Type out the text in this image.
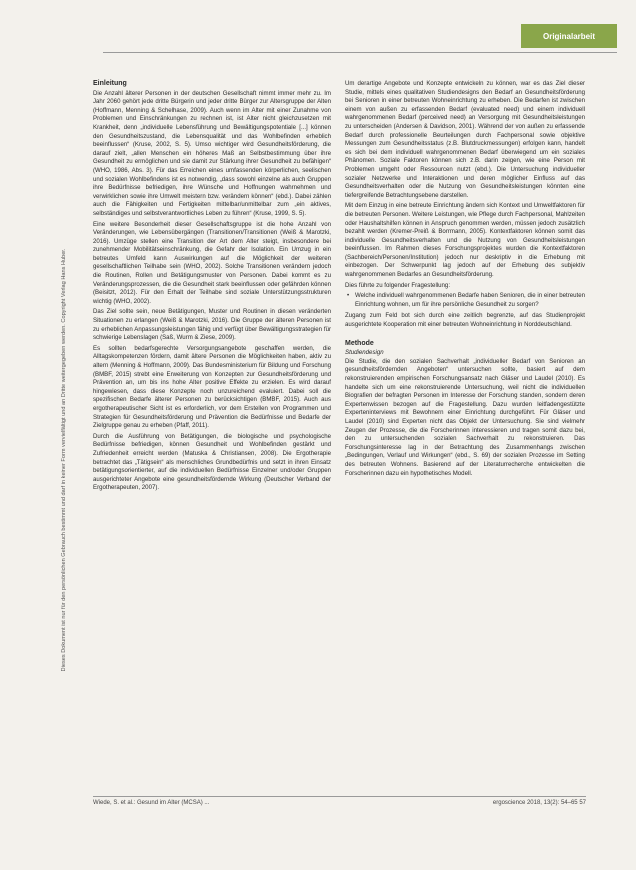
Originalarbeit
Dieses Dokument ist nur für den persönlichen Gebrauch bestimmt und darf in keiner Form vervielfältigt und an Dritte weitergegeben werden. Copyright Verlag Hans Huber.
Einleitung

Die Anzahl älterer Personen in der deutschen Gesellschaft nimmt immer mehr zu. Im Jahr 2060 gehört jede dritte Bürgerin und jeder dritte Bürger zur Altersgruppe der Alten (Hoffmann, Menning & Schelhase, 2009). Auch wenn im Alter mit einer Zunahme von Problemen und Einschränkungen zu rechnen ist, ist Alter nicht gleichzusetzen mit Krankheit, denn „individuelle Lebensführung und Bewältigungspotentiale [...] können den Gesundheitszustand, die Lebensqualität und das Wohlbefinden erheblich beeinflussen“ (Kruse, 2002, S. 5). Umso wichtiger wird Gesundheitsförderung, die darauf zielt, „allen Menschen ein höheres Maß an Selbstbestimmung über ihre Gesundheit zu ermöglichen und sie damit zur Stärkung ihrer Gesundheit zu befähigen“ (WHO, 1986, Abs. 3). Für das Erreichen eines umfassenden körperlichen, seelischen und sozialen Wohlbefindens ist es notwendig, „dass sowohl einzelne als auch Gruppen ihre Bedürfnisse befriedigen, ihre Wünsche und Hoffnungen wahrnehmen und verwirklichen sowie ihre Umwelt meistern bzw. verändern können“ (ebd.). Dabei zählen auch die Fähigkeiten und Fertigkeiten mittelbar/unmittelbar zum „ein aktives, selbständiges und selbstverantwortliches Leben zu führen“ (Kruse, 1999, S. 5).

Eine weitere Besonderheit dieser Gesellschaftsgruppe ist die hohe Anzahl von Veränderungen, wie Lebensübergängen (Transitionen/Transitionen (Weiß & Marotzki, 2016). Umzüge stellen eine Transition der Art dem Alter steigt, insbesondere bei zunehmender Mobilitätseinschränkung, die Gefahr der Isolation. Ein Umzug in ein betreutes Umfeld kann Auswirkungen auf die Möglichkeit der weiteren gesellschaftlichen Teilhabe sein (WHO, 2002). Solche Transitionen verändern jedoch die Routinen, Rollen und Betätigungsmuster von Personen. Dabei kommt es zu Veränderungsprozessen, die die Gesundheit stark beeinflussen oder gefährden können (Beisitzt, 2012). Für den Erhalt der Teilhabe sind soziale Unterstützungsstrukturen wichtig (WHO, 2002).

Das Ziel sollte sein, neue Betätigungen, Muster und Routinen in diesen veränderten Situationen zu erlangen (Weiß & Marotzki, 2016). Die Gruppe der älteren Personen ist zu erheblichen Anpassungsleistungen fähig und verfügt über Bewältigungsstrategien für schwierige Lebenslagen (Saß, Wurm & Ziese, 2009).

Es sollten bedarfsgerechte Versorgungsangebote geschaffen werden, die Alltagskompetenzen fördern, damit ältere Personen die Möglichkeiten haben, aktiv zu altern (Menning & Hoffmann, 2009). Das Bundesministerium für Bildung und Forschung (BMBF, 2015) strebt eine Erweiterung von Konzepten zur Gesundheitsförderung und Prävention an, um bis ins hohe Alter positive Effekte zu erzielen. Es wird darauf hingewiesen, dass diese Konzepte noch unzureichend evaluiert. Dabei soll die spezifischen Bedarfe älterer Personen zu berücksichtigen (BMBF, 2015). Auch aus ergotherapeutischer Sicht ist es erforderlich, vor dem Erstellen von Programmen und Strategien für Gesundheitsförderung und Prävention die Bedürfnisse und Bedarfe der Zielgruppe genau zu erheben (Pfaff, 2011).

Durch die Ausführung von Betätigungen, die biologische und psychologische Bedürfnisse befriedigen, können Gesundheit und Wohlbefinden gestärkt und Zufriedenheit erreicht werden (Matuska & Christiansen, 2008). Die Ergotherapie betrachtet das „Tätigsein“ als menschliches Grundbedürfnis und setzt in ihren Einsatz betätigungsorientierter, auf die individuellen Bedürfnisse Einzelner und/oder Gruppen ausgerichteter Angebote eine gesundheitsfördernde Wirkung (Deutscher Verband der Ergotherapeuten, 2007).

Um derartige Angebote und Konzepte entwickeln zu können, war es das Ziel dieser Studie, mittels eines qualitativen Studiendesigns den Bedarf an Gesundheitsförderung bei Senioren in einer betreuten Wohneinrichtung zu erheben. Die Bedarfen ist zwischen einem von außen zu erfassenden Bedarf (evaluated need) und einem individuell wahrgenommenen Bedarf (perceived need) an Versorgung mit Gesundheitsleistungen zu unterscheiden (Andersen & Davidson, 2001). Während der von außen zu erfassende Bedarf durch professionelle Beurteilungen durch Fachpersonal sowie objektive Messungen zum Gesundheitsstatus (z.B. Blutdruckmessungen) erfolgen kann, handelt es sich bei dem individuell wahrgenommenen Bedarf überwiegend um ein soziales Phänomen. Soziale Faktoren können sich z.B. darin zeigen, wie eine Person mit Problemen umgeht oder Ressourcen nutzt (ebd.). Die Untersuchung individueller sozialer Netzwerke und Interaktionen und deren möglicher Einfluss auf das Gesundheitsverhalten oder die Nutzung von Gesundheitsleistungen könnten eine tiefergreifende Betrachtungsebene darstellen.

Mit dem Einzug in eine betreute Einrichtung ändern sich Kontext und Umweltfaktoren für die betreuten Personen. Weitere Leistungen, wie Pflege durch Fachpersonal, Mahlzeiten oder Haushaltshilfen können in Anspruch genommen werden, müssen jedoch zusätzlich bezahlt werden (Kremer-Preiß & Borrmann, 2005). Kontextfaktoren können somit das individuelle Gesundheitsverhalten und die Nutzung von Gesundheitsleistungen beeinflussen. Im Rahmen dieses Forschungsprojektes wurden die Kontextfaktoren (Sachbereich/Personen/Institution) jedoch nur deskriptiv in die Erhebung mit einbezogen. Der Schwerpunkt lag jedoch auf der Erhebung des subjektiv wahrgenommenen Bedarfes an Gesundheitsförderung.

Dies führte zu folgender Fragestellung:

• Welche individuell wahrgenommenen Bedarfe haben Senioren, die in einer betreuten Einrichtung wohnen, um für ihre persönliche Gesundheit zu sorgen?

Zugang zum Feld bot sich durch eine zeitlich begrenzte, auf das Studienprojekt ausgerichtete Kooperation mit einer betreuten Wohneinrichtung in Norddeutschland.

Methode

Studiendesign

Die Studie, die den sozialen Sachverhalt „individueller Bedarf von Senioren an gesundheitsfördernden Angeboten“ untersuchen sollte, basiert auf dem rekonstruierenden empirischen Forschungsansatz nach Gläser und Laudel (2010). Es handelte sich um eine rekonstruierende Untersuchung, weil nicht die individuellen Biografien der befragten Personen im Interesse der Forschung standen, sondern deren Expertenwissen bezogen auf die Fragestellung. Dazu wurden leitfadengestützte Experteninterviews mit Bewohnern einer Einrichtung durchgeführt. Für Gläser und Laudel (2010) sind Experten nicht das Objekt der Untersuchung. Sie sind vielmehr Zeugen der Prozesse, die die Forscherinnen interessieren und tragen somit dazu bei, den zu untersuchenden sozialen Sachverhalt zu rekonstruieren. Das Forschungsinteresse lag in der Betrachtung des Zusammenhangs zwischen „Bedingungen, Verlauf und Wirkungen“ (ebd., S. 69) der sozialen Prozesse im Setting des betreuten Wohnens. Basierend auf der Literaturrecherche entwickelten die Forscherinnen dazu ein hypothetisches Modell.

Wiede, S. et al.: Gesund im Alter (MCSA) ...	ergoscience 2018, 13(2): 54–65 57
